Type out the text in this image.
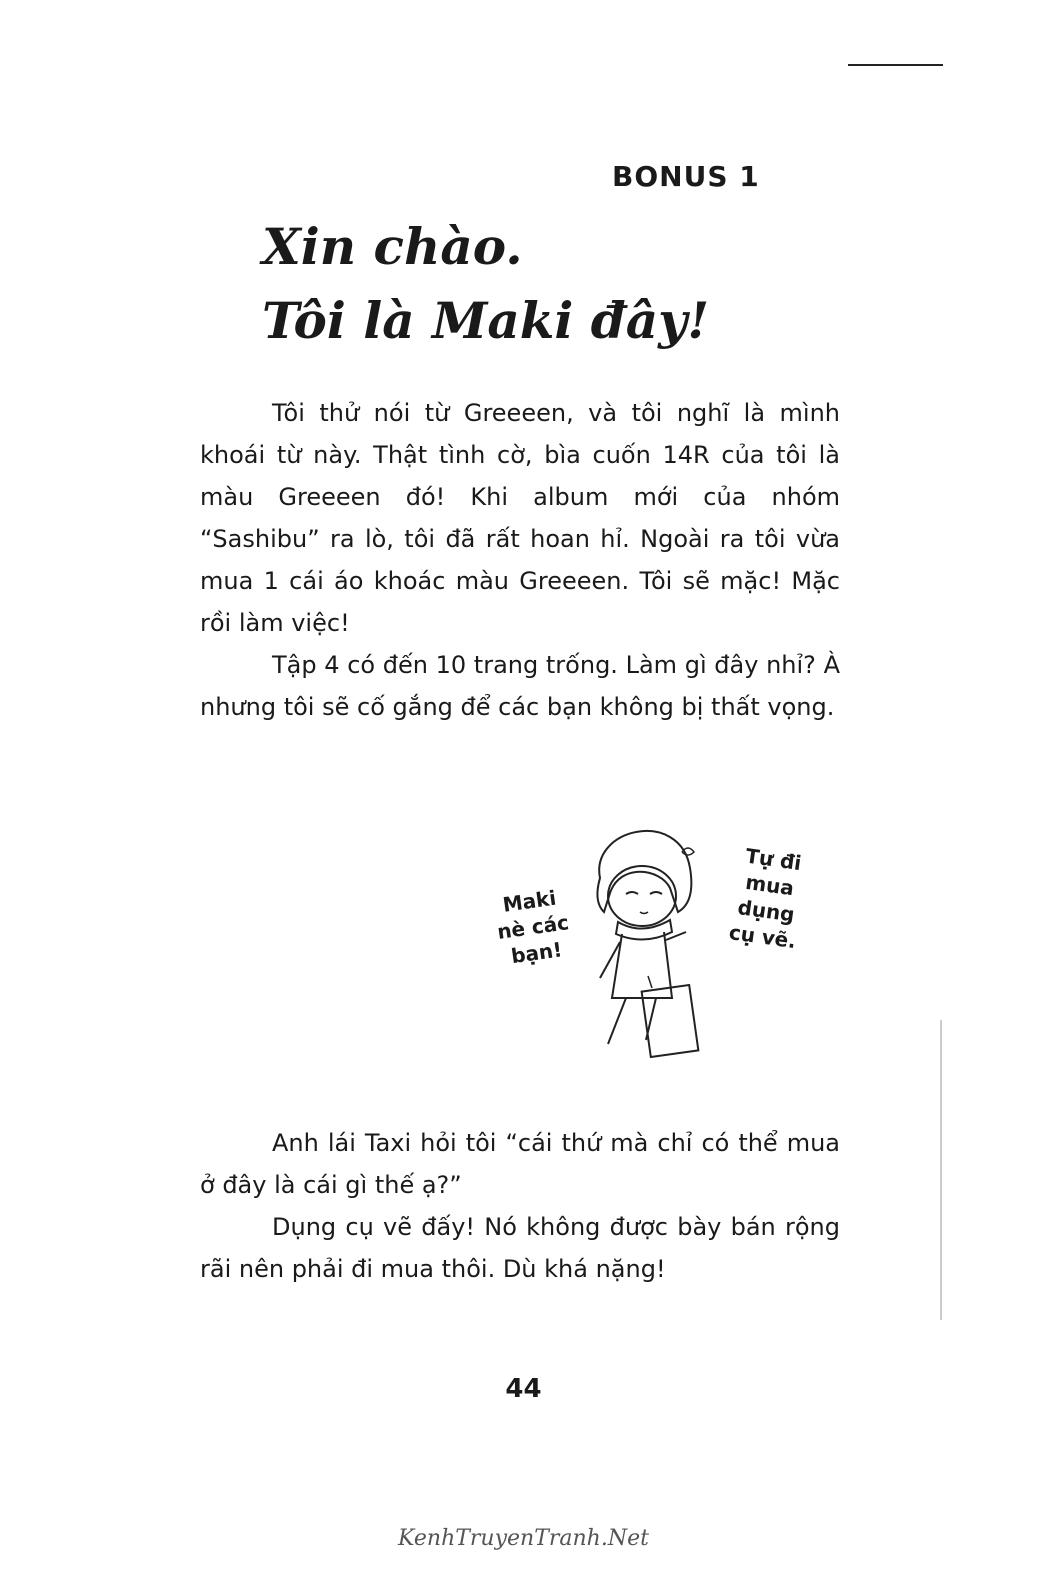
BONUS 1
Xin chào.
Tôi là Maki đây!

Tôi thử nói từ Greeeen, và tôi nghĩ là mình khoái từ này. Thật tình cờ, bìa cuốn 14R của tôi là màu Greeeen đó! Khi album mới của nhóm “Sashibu” ra lò, tôi đã rất hoan hỉ. Ngoài ra tôi vừa mua 1 cái áo khoác màu Greeeen. Tôi sẽ mặc! Mặc rồi làm việc!

Tập 4 có đến 10 trang trống. Làm gì đây nhỉ? À nhưng tôi sẽ cố gắng để các bạn không bị thất vọng.

Maki
nè các
bạn!
Tự đi
mua
dụng
cụ vẽ.

Anh lái Taxi hỏi tôi “cái thứ mà chỉ có thể mua ở đây là cái gì thế ạ?”

Dụng cụ vẽ đấy! Nó không được bày bán rộng rãi nên phải đi mua thôi. Dù khá nặng!

44
KenhTruyenTranh.Net
